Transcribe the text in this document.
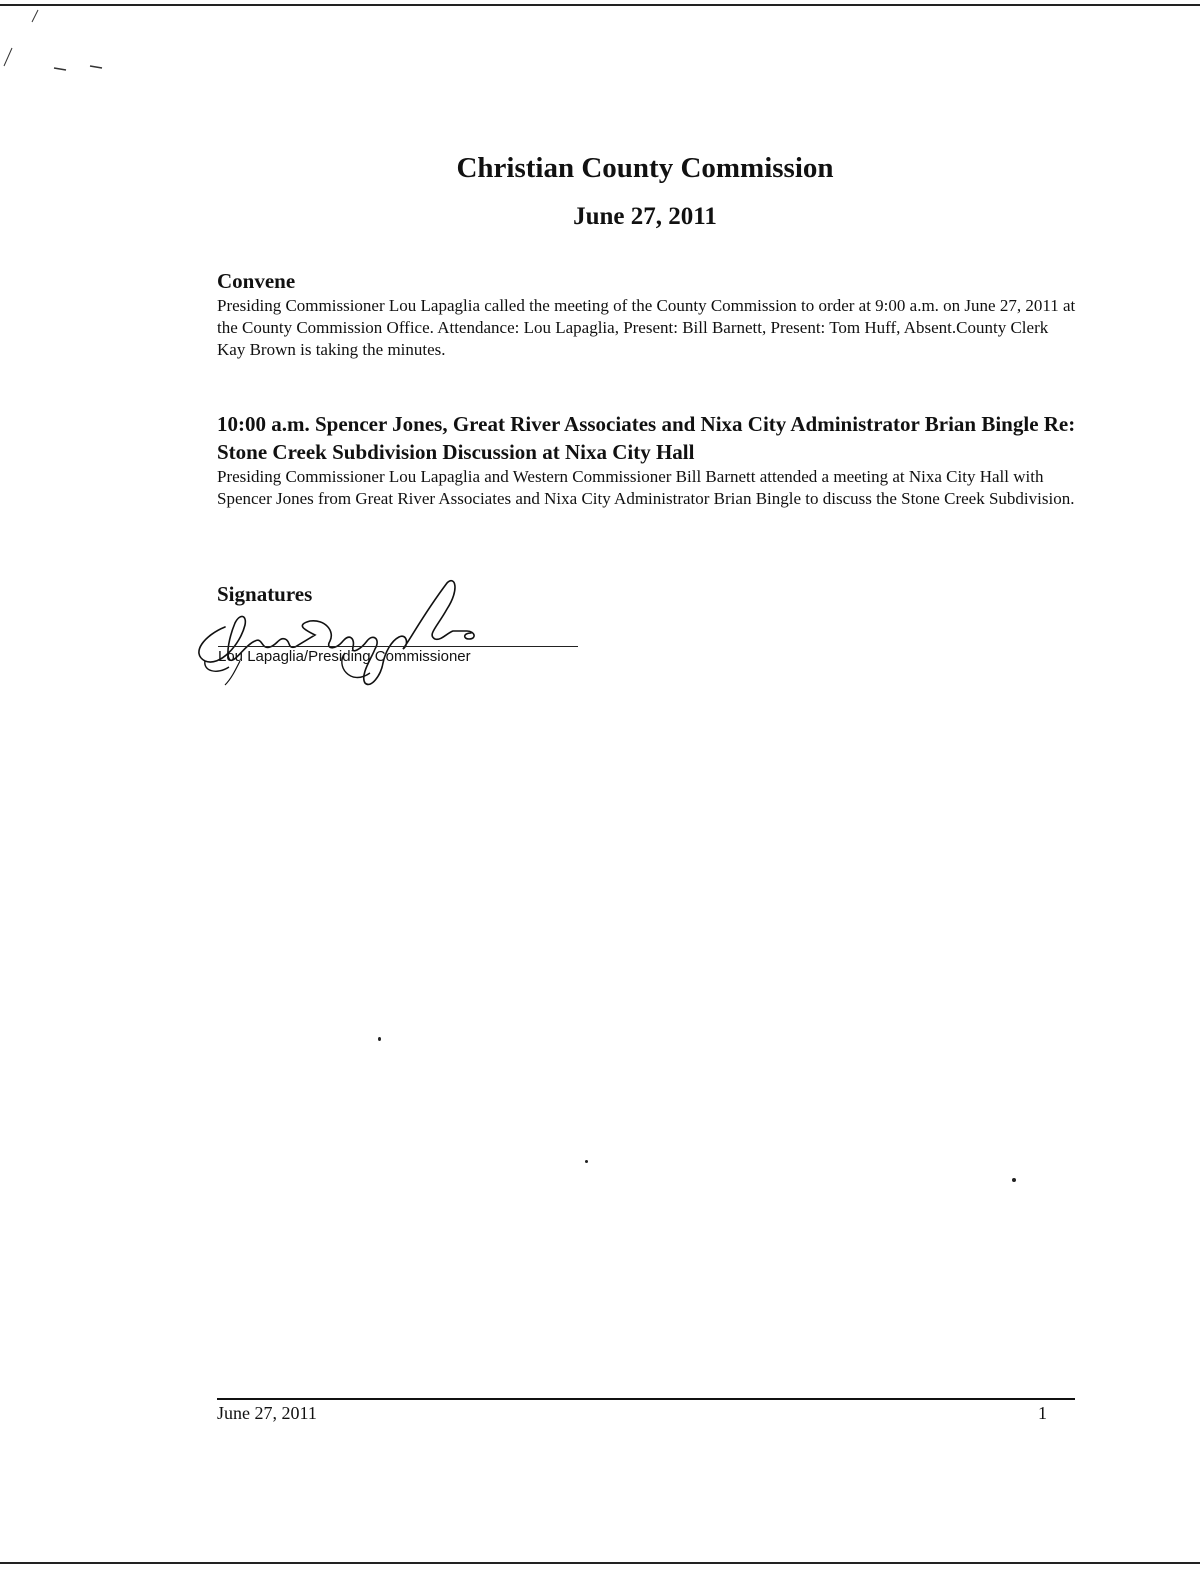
Christian County Commission
June 27, 2011
Convene

Presiding Commissioner Lou Lapaglia called the meeting of the County Commission to order at 9:00 a.m. on June 27, 2011 at the County Commission Office. Attendance: Lou Lapaglia, Present: Bill Barnett, Present: Tom Huff, Absent.County Clerk Kay Brown is taking the minutes.

10:00 a.m. Spencer Jones, Great River Associates and Nixa City Administrator Brian Bingle Re: Stone Creek Subdivision Discussion at Nixa City Hall

Presiding Commissioner Lou Lapaglia and Western Commissioner Bill Barnett attended a meeting at Nixa City Hall with Spencer Jones from Great River Associates and Nixa City Administrator Brian Bingle to discuss the Stone Creek Subdivision.

Signatures

Lou Lapaglia/Presiding Commissioner

June 27, 2011	1
